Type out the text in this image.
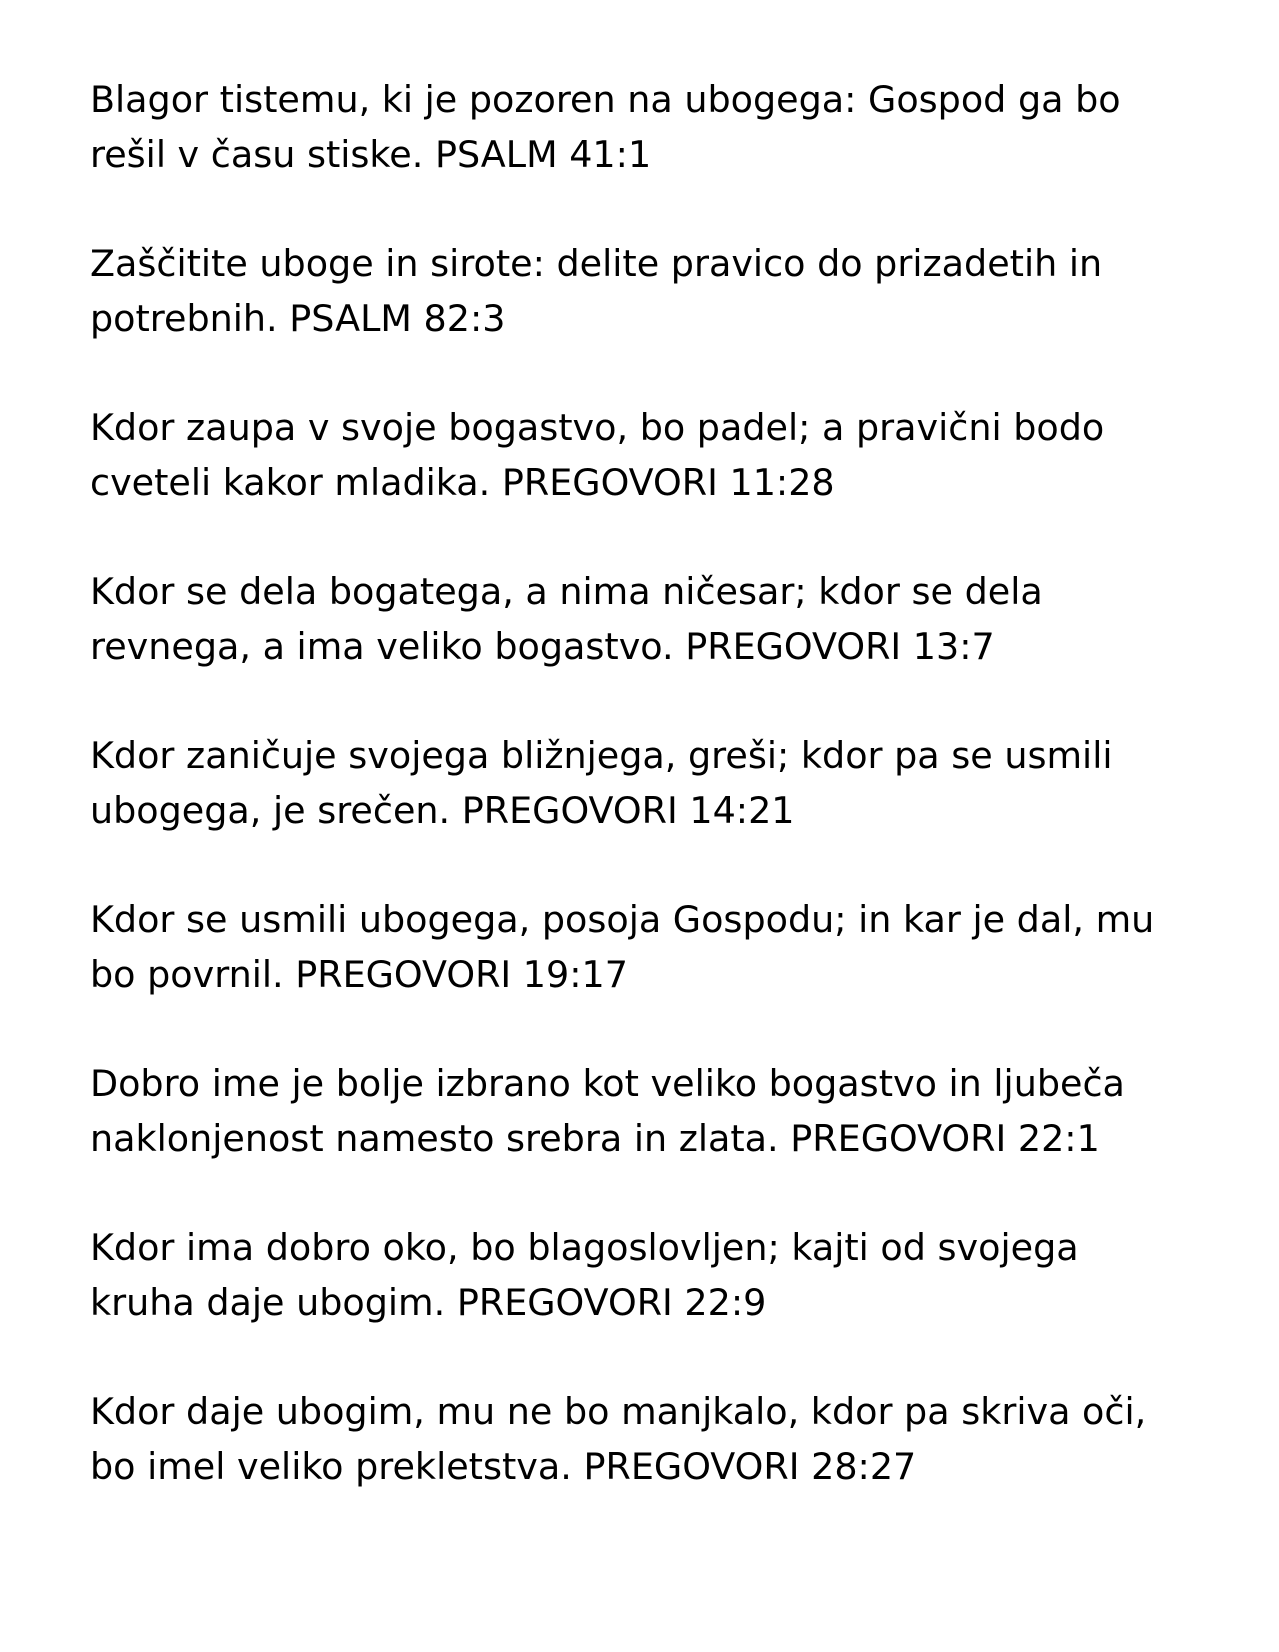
Blagor tistemu, ki je pozoren na ubogega: Gospod ga bo rešil v času stiske. PSALM 41:1

Zaščitite uboge in sirote: delite pravico do prizadetih in potrebnih. PSALM 82:3

Kdor zaupa v svoje bogastvo, bo padel; a pravični bodo cveteli kakor mladika. PREGOVORI 11:28

Kdor se dela bogatega, a nima ničesar; kdor se dela revnega, a ima veliko bogastvo. PREGOVORI 13:7

Kdor zaničuje svojega bližnjega, greši; kdor pa se usmili ubogega, je srečen. PREGOVORI 14:21

Kdor se usmili ubogega, posoja Gospodu; in kar je dal, mu bo povrnil. PREGOVORI 19:17

Dobro ime je bolje izbrano kot veliko bogastvo in ljubeča naklonjenost namesto srebra in zlata. PREGOVORI 22:1

Kdor ima dobro oko, bo blagoslovljen; kajti od svojega kruha daje ubogim. PREGOVORI 22:9

Kdor daje ubogim, mu ne bo manjkalo, kdor pa skriva oči, bo imel veliko prekletstva. PREGOVORI 28:27
